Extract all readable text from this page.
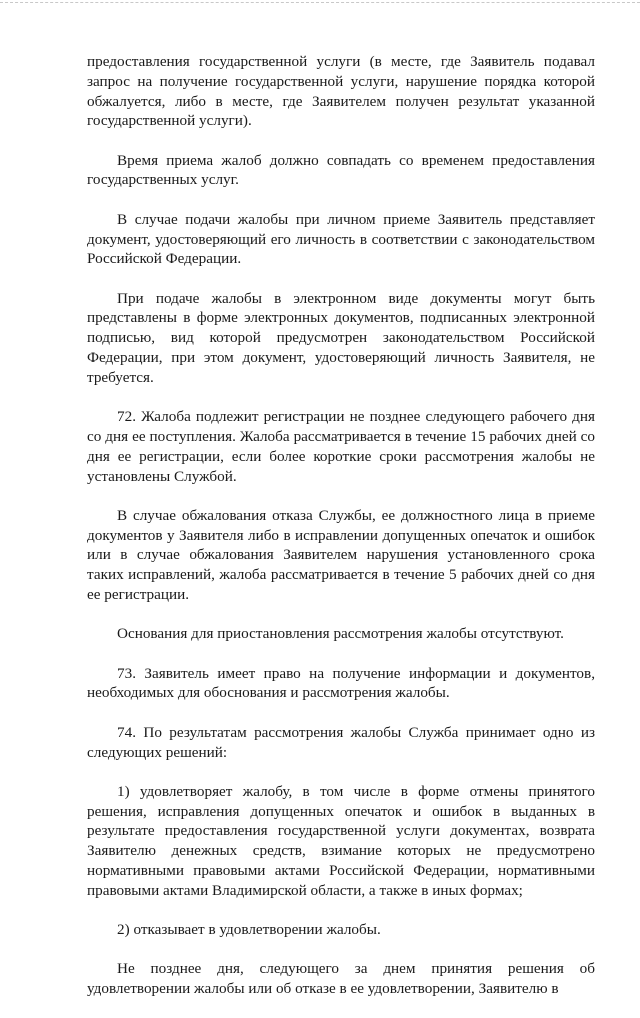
предоставления государственной услуги (в месте, где Заявитель подавал запрос на получение государственной услуги, нарушение порядка которой обжалуется, либо в месте, где Заявителем получен результат указанной государственной услуги).

Время приема жалоб должно совпадать со временем предоставления государственных услуг.

В случае подачи жалобы при личном приеме Заявитель представляет документ, удостоверяющий его личность в соответствии с законодательством Российской Федерации.

При подаче жалобы в электронном виде документы могут быть представлены в форме электронных документов, подписанных электронной подписью, вид которой предусмотрен законодательством Российской Федерации, при этом документ, удостоверяющий личность Заявителя, не требуется.

72. Жалоба подлежит регистрации не позднее следующего рабочего дня со дня ее поступления. Жалоба рассматривается в течение 15 рабочих дней со дня ее регистрации, если более короткие сроки рассмотрения жалобы не установлены Службой.

В случае обжалования отказа Службы, ее должностного лица в приеме документов у Заявителя либо в исправлении допущенных опечаток и ошибок или в случае обжалования Заявителем нарушения установленного срока таких исправлений, жалоба рассматривается в течение 5 рабочих дней со дня ее регистрации.

Основания для приостановления рассмотрения жалобы отсутствуют.

73. Заявитель имеет право на получение информации и документов, необходимых для обоснования и рассмотрения жалобы.

74. По результатам рассмотрения жалобы Служба принимает одно из следующих решений:

1) удовлетворяет жалобу, в том числе в форме отмены принятого решения, исправления допущенных опечаток и ошибок в выданных в результате предоставления государственной услуги документах, возврата Заявителю денежных средств, взимание которых не предусмотрено нормативными правовыми актами Российской Федерации, нормативными правовыми актами Владимирской области, а также в иных формах;

2) отказывает в удовлетворении жалобы.

Не позднее дня, следующего за днем принятия решения об удовлетворении жалобы или об отказе в ее удовлетворении, Заявителю в
